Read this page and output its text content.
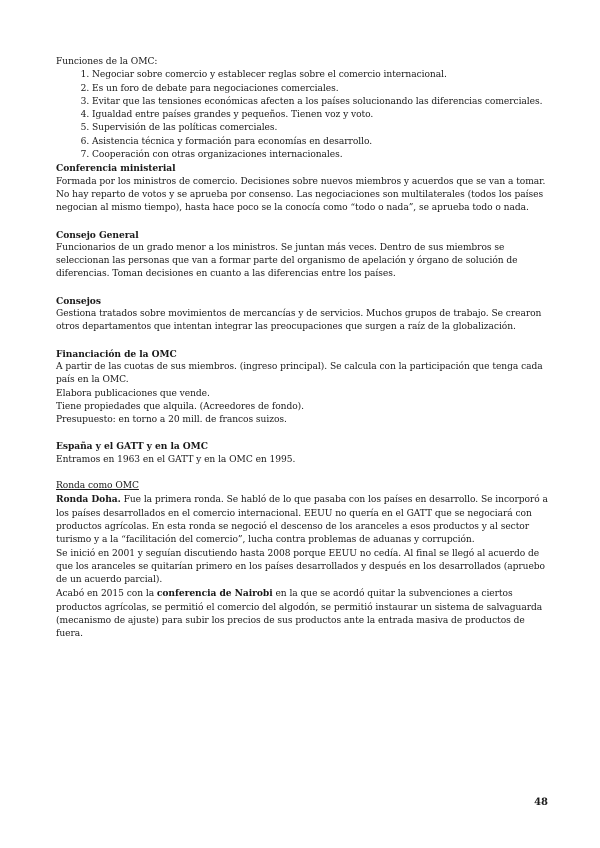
Funciones de la OMC:

1. Negociar sobre comercio y establecer reglas sobre el comercio internacional.
2. Es un foro de debate para negociaciones comerciales.
3. Evitar que las tensiones económicas afecten a los países solucionando las diferencias comerciales.
4. Igualdad entre países grandes y pequeños. Tienen voz y voto.
5. Supervisión de las políticas comerciales.
6. Asistencia técnica y formación para economías en desarrollo.
7. Cooperación con otras organizaciones internacionales.

Conferencia ministerial

Formada por los ministros de comercio. Decisiones sobre nuevos miembros y acuerdos que se van a tomar. No hay reparto de votos y se aprueba por consenso. Las negociaciones son multilaterales (todos los países negocian al mismo tiempo), hasta hace poco se la conocía como “todo o nada”, se aprueba todo o nada.

Consejo General

Funcionarios de un grado menor a los ministros. Se juntan más veces. Dentro de sus miembros se seleccionan las personas que van a formar parte del organismo de apelación y órgano de solución de diferencias. Toman decisiones en cuanto a las diferencias entre los países.

Consejos

Gestiona tratados sobre movimientos de mercancías y de servicios. Muchos grupos de trabajo. Se crearon otros departamentos que intentan integrar las preocupaciones que surgen a raíz de la globalización.

Financiación de la OMC

A partir de las cuotas de sus miembros. (ingreso principal). Se calcula con la participación que tenga cada país en la OMC.

Elabora publicaciones que vende.

Tiene propiedades que alquila. (Acreedores de fondo).

Presupuesto: en torno a 20 mill. de francos suizos.

España y el GATT y en la OMC

Entramos en 1963 en el GATT y en la OMC en 1995.

Ronda como OMC

Ronda Doha. Fue la primera ronda. Se habló de lo que pasaba con los países en desarrollo. Se incorporó a los países desarrollados en el comercio internacional. EEUU no quería en el GATT que se negociará con productos agrícolas. En esta ronda se negoció el descenso de los aranceles a esos productos y al sector turismo y a la “facilitación del comercio”, lucha contra problemas de aduanas y corrupción.

Se inició en 2001 y seguían discutiendo hasta 2008 porque EEUU no cedía. Al final se llegó al acuerdo de que los aranceles se quitarían primero en los países desarrollados y después en los desarrollados (apruebo de un acuerdo parcial).

Acabó en 2015 con la conferencia de Nairobi en la que se acordó quitar la subvenciones a ciertos productos agrícolas, se permitió el comercio del algodón, se permitió instaurar un sistema de salvaguarda (mecanismo de ajuste) para subir los precios de sus productos ante la entrada masiva de productos de fuera.

48
